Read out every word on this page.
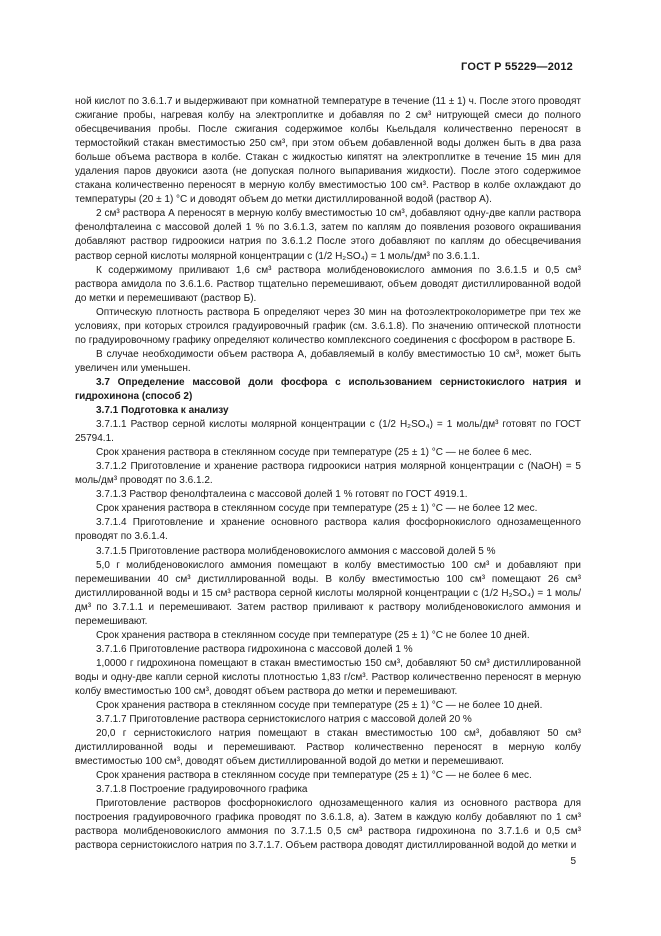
ГОСТ Р 55229—2012

ной кислот по 3.6.1.7 и выдерживают при комнатной температуре в течение (11 ± 1) ч. После этого проводят сжигание пробы, нагревая колбу на электроплитке и добавляя по 2 см³ нитрующей смеси до полного обесцвечивания пробы. После сжигания содержимое колбы Кьельдаля количественно переносят в термостойкий стакан вместимостью 250 см³, при этом объем добавленной воды должен быть в два раза больше объема раствора в колбе. Стакан с жидкостью кипятят на электроплитке в течение 15 мин для удаления паров двуокиси азота (не допуская полного выпаривания жидкости). После этого содержимое стакана количественно переносят в мерную колбу вместимостью 100 см³. Раствор в колбе охлаждают до температуры (20 ± 1) °С и доводят объем до метки дистиллированной водой (раствор А).

2 см³ раствора А переносят в мерную колбу вместимостью 10 см³, добавляют одну-две капли раствора фенолфталеина с массовой долей 1 % по 3.6.1.3, затем по каплям до появления розового окрашивания добавляют раствор гидроокиси натрия по 3.6.1.2 После этого добавляют по каплям до обесцвечивания раствор серной кислоты молярной концентрации с (1/2 H₂SO₄) = 1 моль/дм³ по 3.6.1.1.

К содержимому приливают 1,6 см³ раствора молибденовокислого аммония по 3.6.1.5 и 0,5 см³ раствора амидола по 3.6.1.6. Раствор тщательно перемешивают, объем доводят дистиллированной водой до метки и перемешивают (раствор Б).

Оптическую плотность раствора Б определяют через 30 мин на фотоэлектроколориметре при тех же условиях, при которых строился градуировочный график (см. 3.6.1.8). По значению оптической плотности по градуировочному графику определяют количество комплексного соединения с фосфором в растворе Б.

В случае необходимости объем раствора А, добавляемый в колбу вместимостью 10 см³, может быть увеличен или уменьшен.

3.7 Определение массовой доли фосфора с использованием сернистокислого натрия и гидрохинона (способ 2)

3.7.1 Подготовка к анализу

3.7.1.1 Раствор серной кислоты молярной концентрации с (1/2 H₂SO₄) = 1 моль/дм³ готовят по ГОСТ 25794.1.

Срок хранения раствора в стеклянном сосуде при температуре (25 ± 1) °С — не более 6 мес.

3.7.1.2 Приготовление и хранение раствора гидроокиси натрия молярной концентрации с (NaOH) = 5 моль/дм³ проводят по 3.6.1.2.

3.7.1.3 Раствор фенолфталеина с массовой долей 1 % готовят по ГОСТ 4919.1.

Срок хранения раствора в стеклянном сосуде при температуре (25 ± 1) °С — не более 12 мес.

3.7.1.4 Приготовление и хранение основного раствора калия фосфорнокислого однозамещенного проводят по 3.6.1.4.

3.7.1.5 Приготовление раствора молибденовокислого аммония с массовой долей 5 %

5,0 г молибденовокислого аммония помещают в колбу вместимостью 100 см³ и добавляют при перемешивании 40 см³ дистиллированной воды. В колбу вместимостью 100 см³ помещают 26 см³ дистиллированной воды и 15 см³ раствора серной кислоты молярной концентрации с (1/2 H₂SO₄) = 1 моль/дм³ по 3.7.1.1 и перемешивают. Затем раствор приливают к раствору молибденовокислого аммония и перемешивают.

Срок хранения раствора в стеклянном сосуде при температуре (25 ± 1) °С не более 10 дней.

3.7.1.6 Приготовление раствора гидрохинона с массовой долей 1 %

1,0000 г гидрохинона помещают в стакан вместимостью 150 см³, добавляют 50 см³ дистиллированной воды и одну-две капли серной кислоты плотностью 1,83 г/см³. Раствор количественно переносят в мерную колбу вместимостью 100 см³, доводят объем раствора до метки и перемешивают.

Срок хранения раствора в стеклянном сосуде при температуре (25 ± 1) °С — не более 10 дней.

3.7.1.7 Приготовление раствора сернистокислого натрия с массовой долей 20 %

20,0 г сернистокислого натрия помещают в стакан вместимостью 100 см³, добавляют 50 см³ дистиллированной воды и перемешивают. Раствор количественно переносят в мерную колбу вместимостью 100 см³, доводят объем дистиллированной водой до метки и перемешивают.

Срок хранения раствора в стеклянном сосуде при температуре (25 ± 1) °С — не более 6 мес.

3.7.1.8 Построение градуировочного графика

Приготовление растворов фосфорнокислого однозамещенного калия из основного раствора для построения градуировочного графика проводят по 3.6.1.8, а). Затем в каждую колбу добавляют по 1 см³ раствора молибденовокислого аммония по 3.7.1.5 0,5 см³ раствора гидрохинона по 3.7.1.6 и 0,5 см³ раствора сернистокислого натрия по 3.7.1.7. Объем раствора доводят дистиллированной водой до метки и

5
